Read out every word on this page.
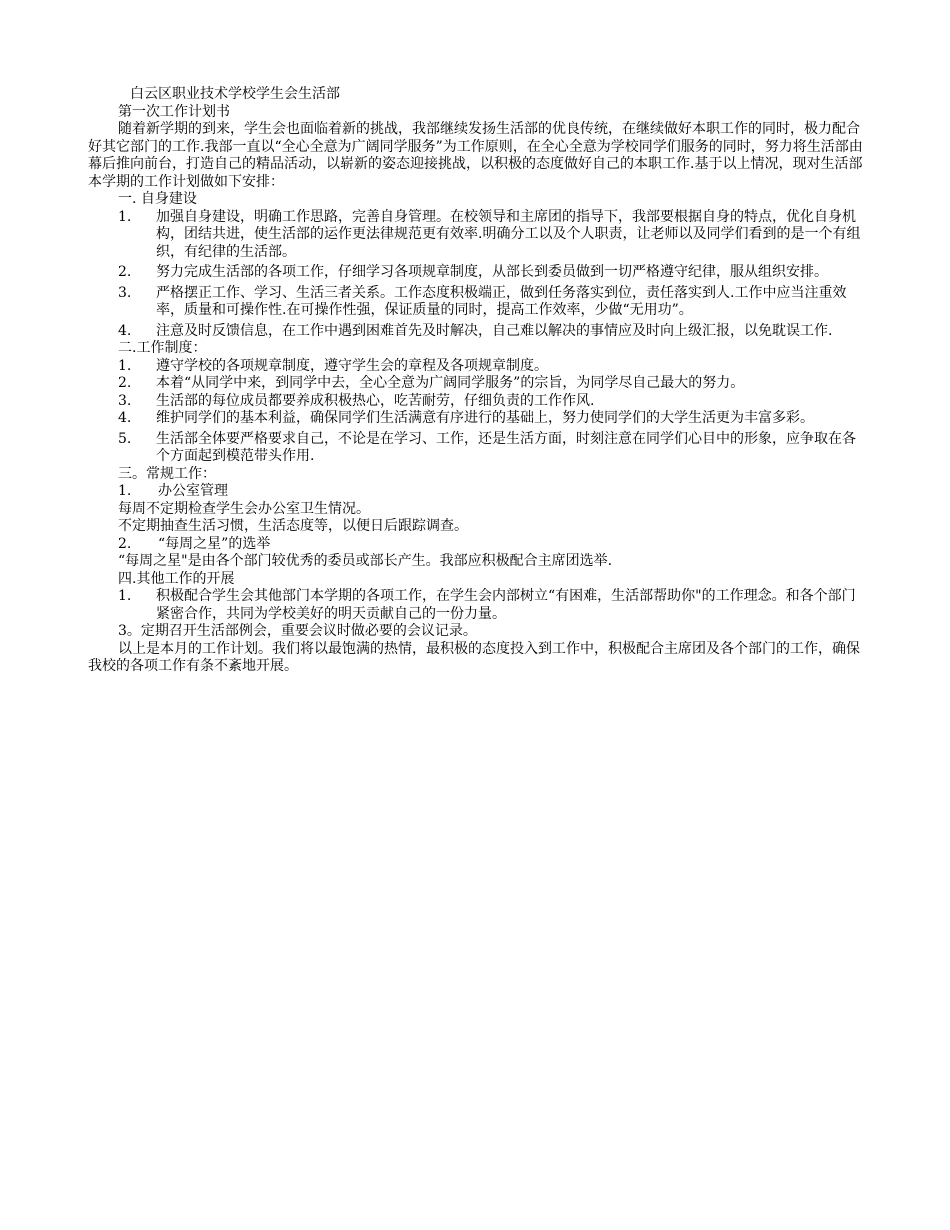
白云区职业技术学校学生会生活部
第一次工作计划书
随着新学期的到来，学生会也面临着新的挑战，我部继续发扬生活部的优良传统，在继续做好本职工作的同时，极力配合好其它部门的工作.我部一直以“全心全意为广阔同学服务”为工作原则，在全心全意为学校同学们服务的同时，努力将生活部由幕后推向前台，打造自己的精品活动，以崭新的姿态迎接挑战，以积极的态度做好自己的本职工作.基于以上情况，现对生活部本学期的工作计划做如下安排：
一. 自身建设
1.	加强自身建设，明确工作思路，完善自身管理。在校领导和主席团的指导下，我部要根据自身的特点，优化自身机构，团结共进，使生活部的运作更法律规范更有效率.明确分工以及个人职责，让老师以及同学们看到的是一个有组织，有纪律的生活部。
2.	努力完成生活部的各项工作，仔细学习各项规章制度，从部长到委员做到一切严格遵守纪律，服从组织安排。
3.	严格摆正工作、学习、生活三者关系。工作态度积极端正，做到任务落实到位，责任落实到人.工作中应当注重效率，质量和可操作性.在可操作性强，保证质量的同时，提高工作效率，少做“无用功”。
4.	注意及时反馈信息，在工作中遇到困难首先及时解决，自己难以解决的事情应及时向上级汇报，以免耽误工作.
二.工作制度：
1.	遵守学校的各项规章制度，遵守学生会的章程及各项规章制度。
2.	本着“从同学中来，到同学中去，全心全意为广阔同学服务”的宗旨，为同学尽自己最大的努力。
3.	生活部的每位成员都要养成积极热心，吃苦耐劳，仔细负责的工作作风.
4.	维护同学们的基本利益，确保同学们生活满意有序进行的基础上，努力使同学们的大学生活更为丰富多彩。
5.	生活部全体要严格要求自己，不论是在学习、工作，还是生活方面，时刻注意在同学们心目中的形象，应争取在各个方面起到模范带头作用.
三。常规工作：
1. 办公室管理
每周不定期检查学生会办公室卫生情况。
不定期抽查生活习惯，生活态度等，以便日后跟踪调查。
2. “每周之星”的选举
“每周之星"是由各个部门较优秀的委员或部长产生。我部应积极配合主席团选举.
四.其他工作的开展
1.	积极配合学生会其他部门本学期的各项工作，在学生会内部树立“有困难，生活部帮助你"的工作理念。和各个部门紧密合作，共同为学校美好的明天贡献自己的一份力量。
3。定期召开生活部例会，重要会议时做必要的会议记录。
以上是本月的工作计划。我们将以最饱满的热情，最积极的态度投入到工作中，积极配合主席团及各个部门的工作，确保我校的各项工作有条不紊地开展。
